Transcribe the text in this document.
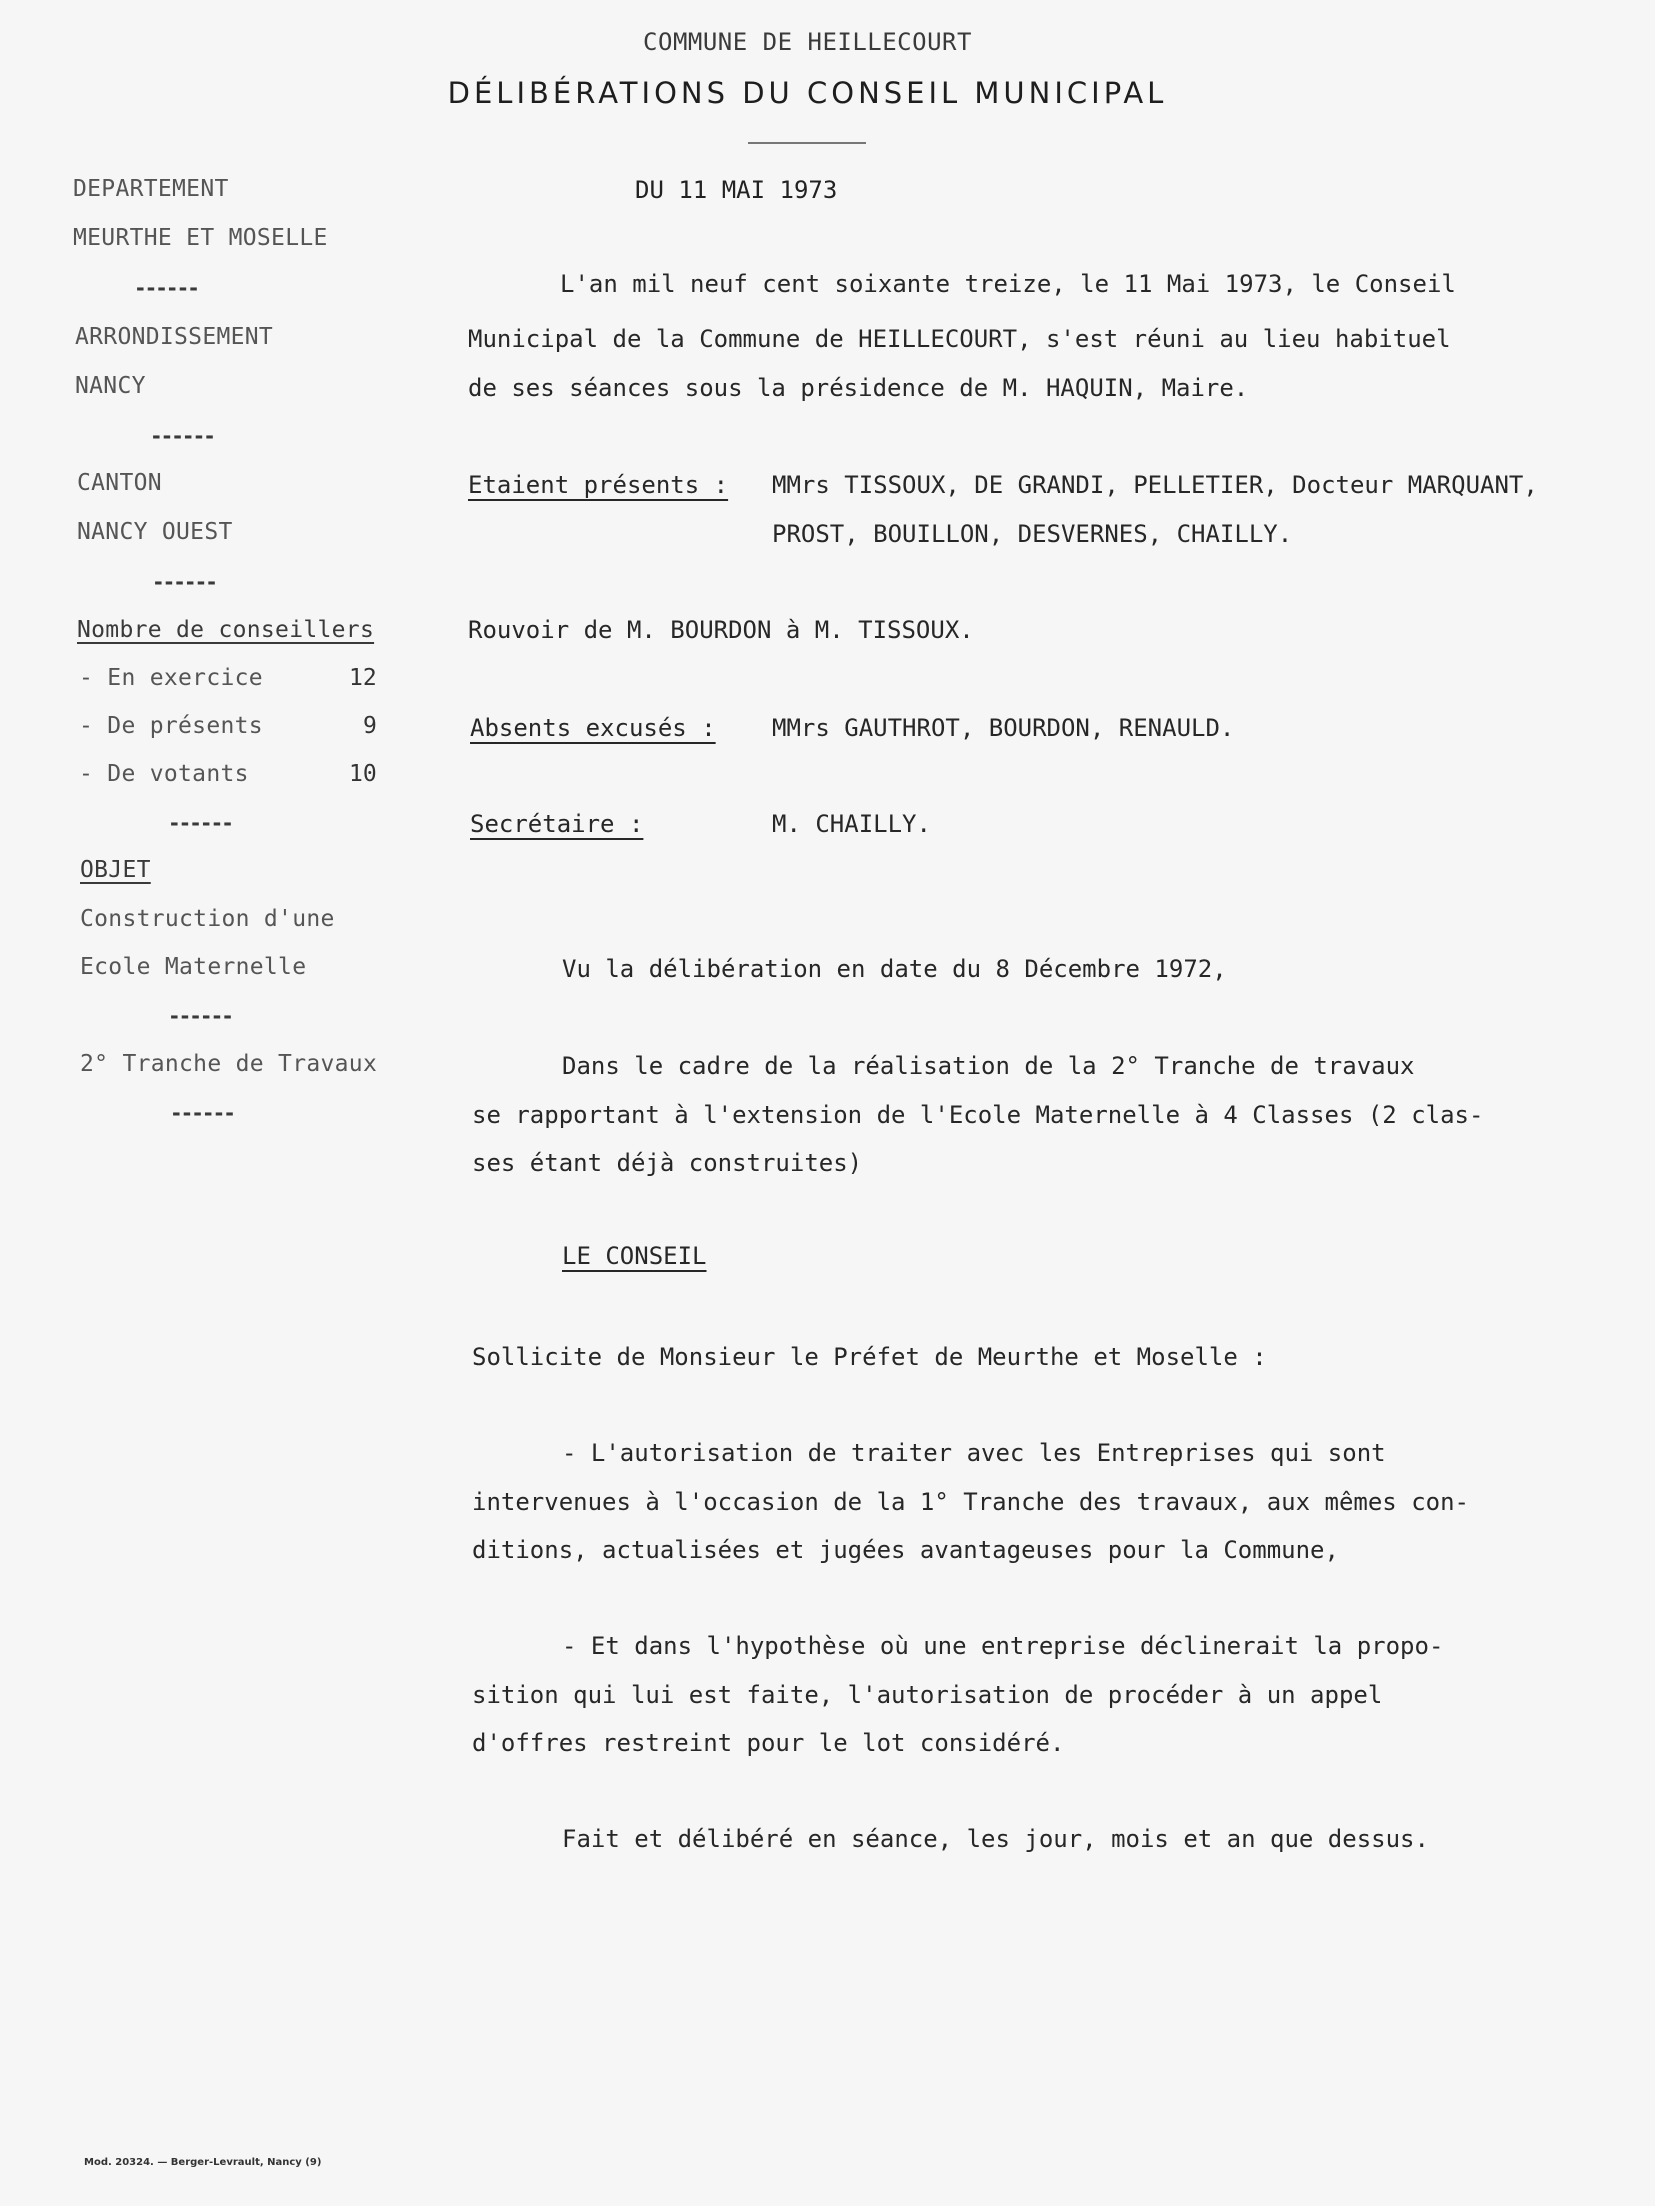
COMMUNE DE HEILLECOURT
DÉLIBÉRATIONS DU CONSEIL MUNICIPAL
DU 11 MAI 1973
DEPARTEMENT
MEURTHE ET MOSELLE
------
ARRONDISSEMENT
NANCY
------
CANTON
NANCY OUEST
------
Nombre de conseillers
- En exercice	12
- De présents	9
- De votants	10
------
OBJET
Construction d'une
Ecole Maternelle
------
2° Tranche de Travaux
------
L'an mil neuf cent soixante treize, le 11 Mai 1973, le Conseil
Municipal de la Commune de HEILLECOURT, s'est réuni au lieu habituel
de ses séances sous la présidence de M. HAQUIN, Maire.
Etaient présents : MMrs TISSOUX, DE GRANDI, PELLETIER, Docteur MARQUANT,
PROST, BOUILLON, DESVERNES, CHAILLY.
Rouvoir de M. BOURDON à M. TISSOUX.
Absents excusés : MMrs GAUTHROT, BOURDON, RENAULD.
Secrétaire :	M. CHAILLY.
Vu la délibération en date du 8 Décembre 1972,
Dans le cadre de la réalisation de la 2° Tranche de travaux
se rapportant à l'extension de l'Ecole Maternelle à 4 Classes (2 clas-
ses étant déjà construites)
LE CONSEIL
Sollicite de Monsieur le Préfet de Meurthe et Moselle :
- L'autorisation de traiter avec les Entreprises qui sont
intervenues à l'occasion de la 1° Tranche des travaux, aux mêmes con-
ditions, actualisées et jugées avantageuses pour la Commune,
- Et dans l'hypothèse où une entreprise déclinerait la propo-
sition qui lui est faite, l'autorisation de procéder à un appel
d'offres restreint pour le lot considéré.
Fait et délibéré en séance, les jour, mois et an que dessus.
Mod. 20324. — Berger-Levrault, Nancy (9)
